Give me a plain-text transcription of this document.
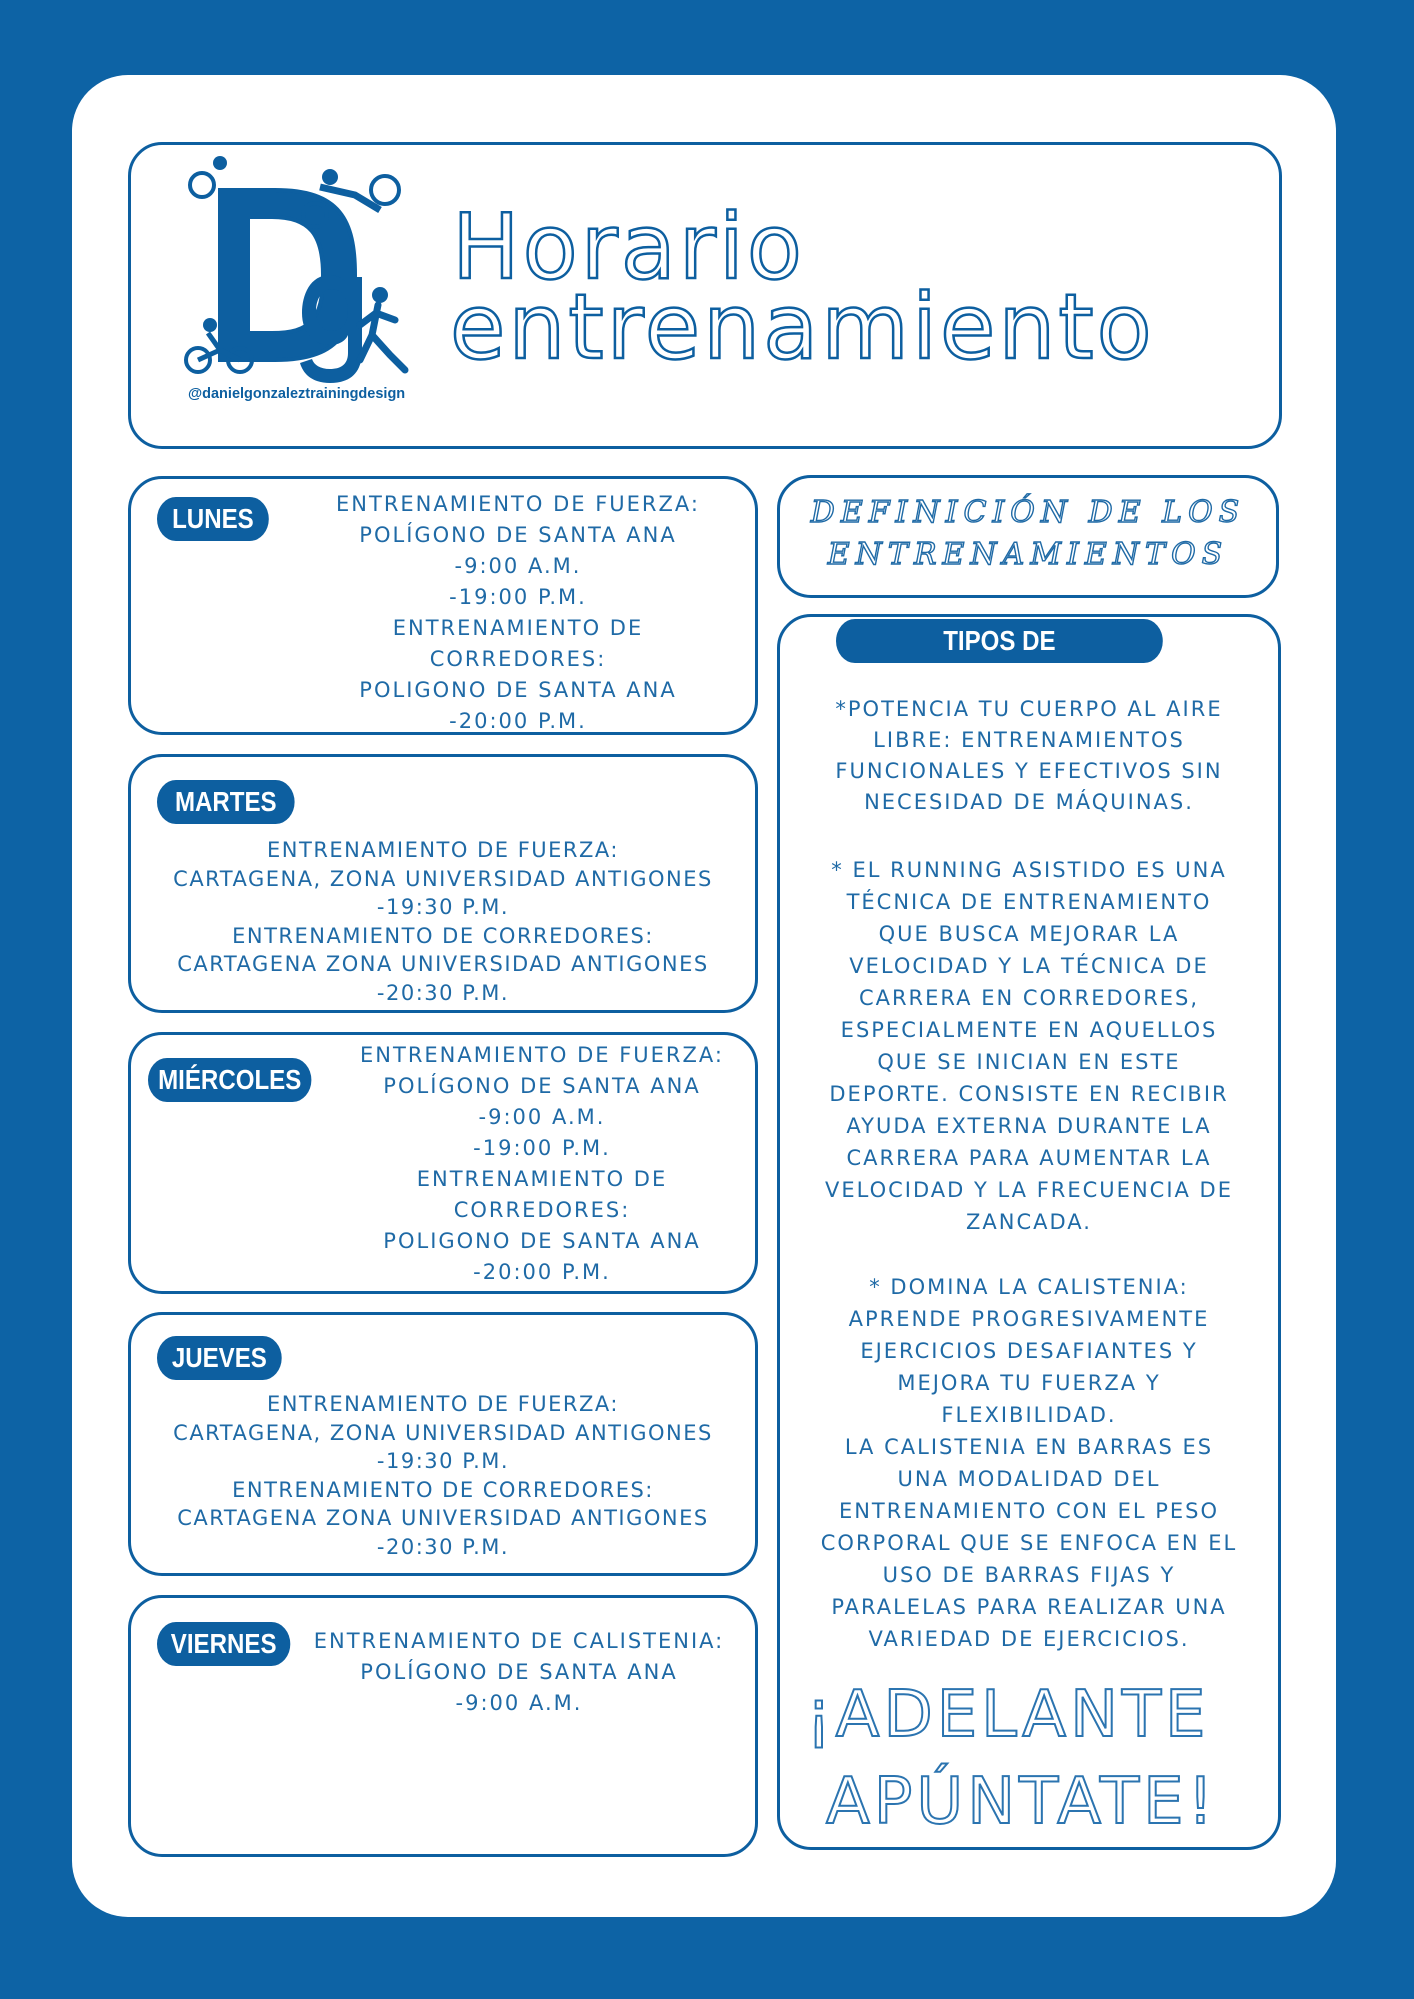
@danielgonzaleztrainingdesign
Horario
entrenamiento
LUNES	ENTRENAMIENTO DE FUERZA:
POLÍGONO DE SANTA ANA
-9:00 A.M.
-19:00 P.M.
ENTRENAMIENTO DE
CORREDORES:
POLIGONO DE SANTA ANA
-20:00 P.M.
MARTES
ENTRENAMIENTO DE FUERZA:
CARTAGENA, ZONA UNIVERSIDAD ANTIGONES
-19:30 P.M.
ENTRENAMIENTO DE CORREDORES:
CARTAGENA ZONA UNIVERSIDAD ANTIGONES
-20:30 P.M.
MIÉRCOLES
ENTRENAMIENTO DE FUERZA:
POLÍGONO DE SANTA ANA
-9:00 A.M.
-19:00 P.M.
ENTRENAMIENTO DE
CORREDORES:
POLIGONO DE SANTA ANA
-20:00 P.M.
JUEVES
ENTRENAMIENTO DE FUERZA:
CARTAGENA, ZONA UNIVERSIDAD ANTIGONES
-19:30 P.M.
ENTRENAMIENTO DE CORREDORES:
CARTAGENA ZONA UNIVERSIDAD ANTIGONES
-20:30 P.M.
VIERNES	ENTRENAMIENTO DE CALISTENIA:
POLÍGONO DE SANTA ANA
-9:00 A.M.
DEFINICIÓN DE LOS
ENTRENAMIENTOS
TIPOS DE ENTRENAMIENTO
*POTENCIA TU CUERPO AL AIRE
LIBRE: ENTRENAMIENTOS
FUNCIONALES Y EFECTIVOS SIN
NECESIDAD DE MÁQUINAS.
* EL RUNNING ASISTIDO ES UNA
TÉCNICA DE ENTRENAMIENTO
QUE BUSCA MEJORAR LA
VELOCIDAD Y LA TÉCNICA DE
CARRERA EN CORREDORES,
ESPECIALMENTE EN AQUELLOS
QUE SE INICIAN EN ESTE
DEPORTE. CONSISTE EN RECIBIR
AYUDA EXTERNA DURANTE LA
CARRERA PARA AUMENTAR LA
VELOCIDAD Y LA FRECUENCIA DE
ZANCADA.
* DOMINA LA CALISTENIA:
APRENDE PROGRESIVAMENTE
EJERCICIOS DESAFIANTES Y
MEJORA TU FUERZA Y
FLEXIBILIDAD.
LA CALISTENIA EN BARRAS ES
UNA MODALIDAD DEL
ENTRENAMIENTO CON EL PESO
CORPORAL QUE SE ENFOCA EN EL
USO DE BARRAS FIJAS Y
PARALELAS PARA REALIZAR UNA
VARIEDAD DE EJERCICIOS.
¡ADELANTE
APÚNTATE!
